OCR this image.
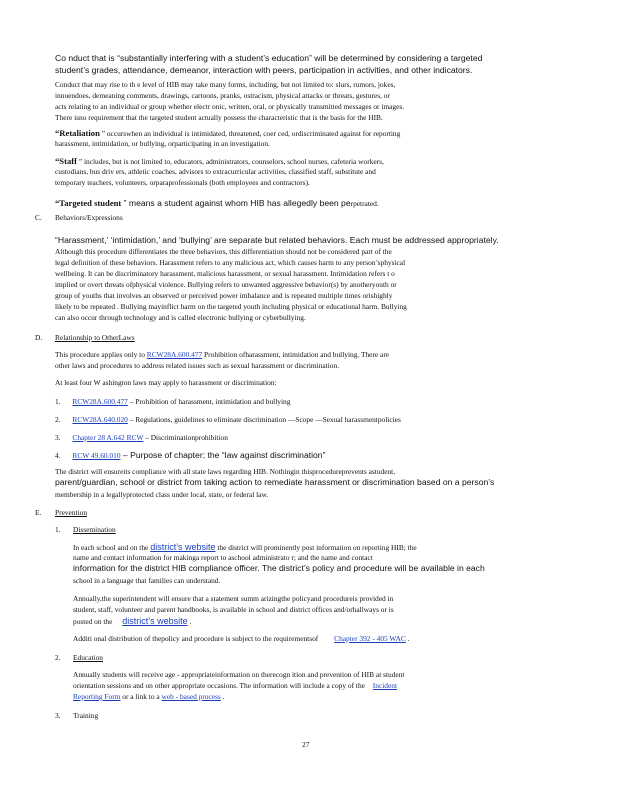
Co nduct that is “substantially interfering with a student’s education” will be determined by considering a targeted
student’s grades, attendance, demeanor, interaction with peers, participation in activities, and other indicators.
Conduct that may rise to th e level of HIB may take many forms, including, but not limited to: slurs, rumors, jokes,
innuendoes, demeaning comments, drawings, cartoons, pranks, ostracism, physical attacks or threats, gestures, or
acts relating to an individual or group whether electr onic, written, oral, or physically transmitted messages or images.
There isno requirement that the targeted student actually possess the characteristic that is the basis for the HIB.
“Retaliation ” occurswhen an individual is intimidated, threatened, coer ced, ordiscriminated against for reporting
harassment, intimidation, or bullying, orparticipating in an investigation.
“Staff ” includes, but is not limited to, educators, administrators, counselors, school nurses, cafeteria workers,
custodians, bus driv ers, athletic coaches, advisors to extracurricular activities, classified staff, substitute and
temporary teachers, volunteers, orparaprofessionals (both employees and contractors).
“Targeted student ” means a student against whom HIB has allegedly been perpetrated.
C. Behaviors/Expressions
“Harassment,’ ‘intimidation,’ and ‘bullying’ are separate but related behaviors. Each must be addressed appropriately.
Although this procedure differentiates the three behaviors, this differentiation should not be considered part of the
legal definition of these behaviors. Harassment refers to any malicious act, which causes harm to any person’sphysical
wellbeing. It can be discriminatory harassment, malicious harassment, or sexual harassment. Intimidation refers t o
implied or overt threats ofphysical violence. Bullying refers to unwanted aggressive behavior(s) by anotheryouth or
group of youths that involves an observed or perceived power imbalance and is repeated multiple times orishighly
likely to be repeated . Bullying mayinflict harm on the targeted youth including physical or educational harm. Bullying
can also occur through technology and is called electronic bullying or cyberbullying.
D. Relationship to OtherLaws
This procedure applies only to RCW28A.600.477 Prohibition ofharassment, intimidation and bullying. There are
other laws and procedures to address related issues such as sexual harassment or discrimination.
At least four W ashington laws may apply to harassment or discrimination:
1. RCW28A.600.477 – Prohibition of harassment, intimidation and bullying
2. RCW28A.640.020 – Regulations, guidelines to eliminate discrimination —Scope —Sexual harassmentpolicies
3. Chapter 28 A.642 RCW – Discriminationprohibition
4. RCW 49.60.010 – Purpose of chapter; the “law against discrimination”
The district will ensureits compliance with all state laws regarding HIB. Nothingin thisprocedureprevents astudent,
parent/guardian, school or district from taking action to remediate harassment or discrimination based on a person’s
membership in a legallyprotected class under local, state, or federal law.
E. Prevention
1. Dissemination
In each school and on the district’s website the district will prominently post information on reporting HIB; the
name and contact information for makinga report to aschool administrato r; and the name and contact
information for the district HIB compliance officer. The district’s policy and procedure will be available in each
school in a language that families can understand.
Annually,the superintendent will ensure that a statement summ arizingthe policyand procedureis provided in
student, staff, volunteer and parent handbooks, is available in school and district offices and/orhallways or is
posted on the district’s website .
Additi onal distribution of thepolicy and procedure is subject to the requirementsof Chapter 392 - 405 WAC .
2. Education
Annually students will receive age - appropriateinformation on therecogn ition and prevention of HIB at student
orientation sessions and on other appropriate occasions. The information will include a copy of the Incident
Reporting Form or a link to a web - based process .
3. Training
27
